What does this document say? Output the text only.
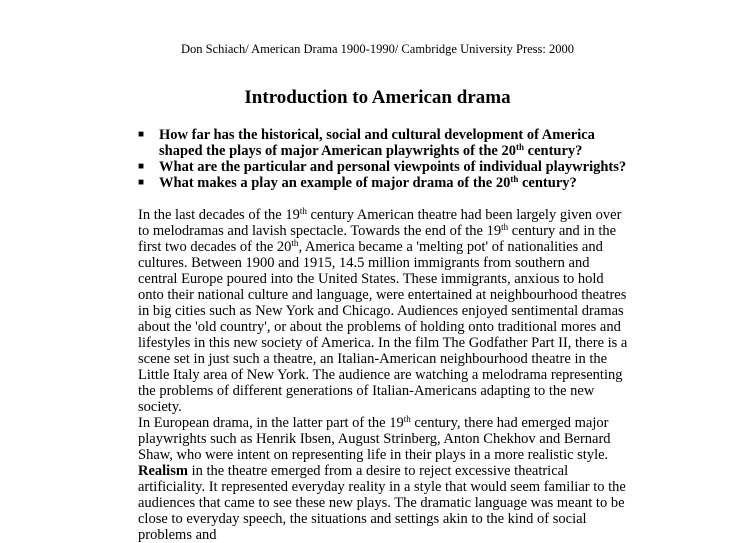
Don Schiach/ American Drama 1900-1990/ Cambridge University Press: 2000
Introduction to American drama
■ How far has the historical, social and cultural development of America shaped the plays of major American playwrights of the 20th century?
■ What are the particular and personal viewpoints of individual playwrights?
■ What makes a play an example of major drama of the 20th century?
In the last decades of the 19th century American theatre had been largely given over to melodramas and lavish spectacle. Towards the end of the 19th century and in the first two decades of the 20th, America became a 'melting pot' of nationalities and cultures. Between 1900 and 1915, 14.5 million immigrants from southern and central Europe poured into the United States. These immigrants, anxious to hold onto their national culture and language, were entertained at neighbourhood theatres in big cities such as New York and Chicago. Audiences enjoyed sentimental dramas about the 'old country', or about the problems of holding onto traditional mores and lifestyles in this new society of America. In the film The Godfather Part II, there is a scene set in just such a theatre, an Italian-American neighbourhood theatre in the Little Italy area of New York. The audience are watching a melodrama representing the problems of different generations of Italian-Americans adapting to the new society.
In European drama, in the latter part of the 19th century, there had emerged major playwrights such as Henrik Ibsen, August Strinberg, Anton Chekhov and Bernard Shaw, who were intent on representing life in their plays in a more realistic style. Realism in the theatre emerged from a desire to reject excessive theatrical artificiality. It represented everyday reality in a style that would seem familiar to the audiences that came to see these new plays. The dramatic language was meant to be close to everyday speech, the situations and settings akin to the kind of social problems and
